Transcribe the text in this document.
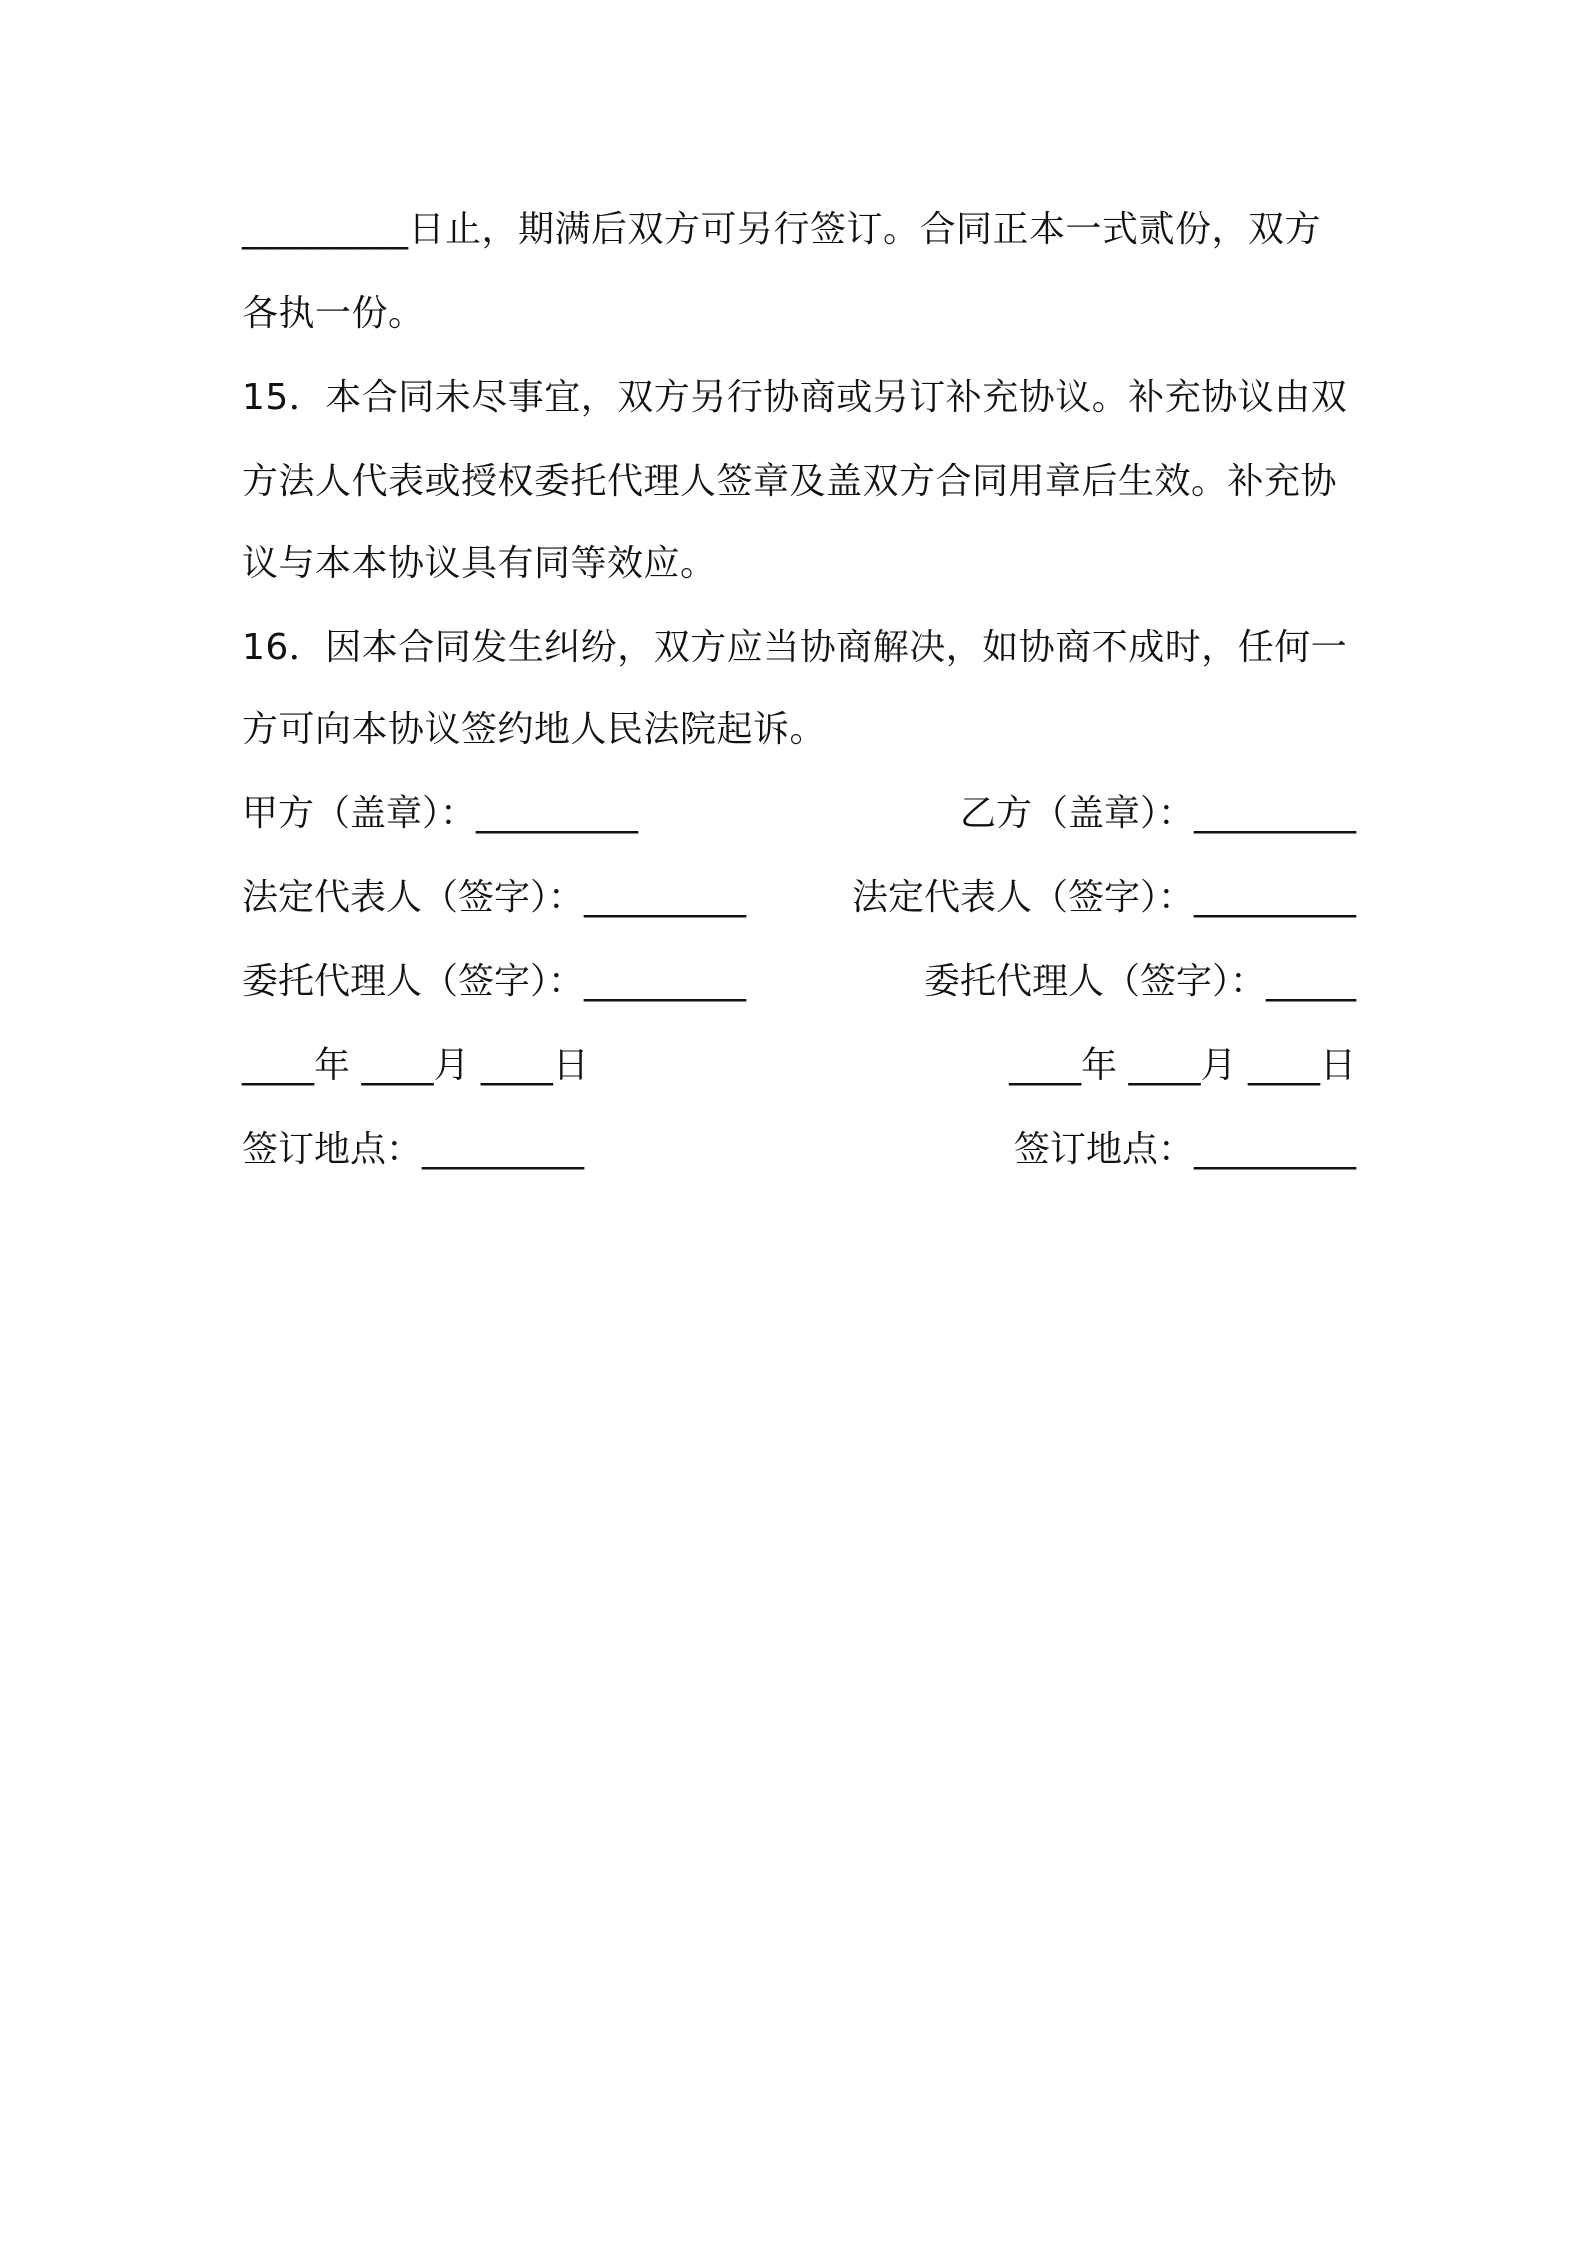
_________日止，期满后双方可另行签订。合同正本一式贰份，双方
各执一份。
15．本合同未尽事宜，双方另行协商或另订补充协议。补充协议由双
方法人代表或授权委托代理人签章及盖双方合同用章后生效。补充协
议与本本协议具有同等效应。
16．因本合同发生纠纷，双方应当协商解决，如协商不成时，任何一
方可向本协议签约地人民法院起诉。
甲方（盖章）：_________	乙方（盖章）：_________
法定代表人（签字）：_________	法定代表人（签字）：_________
委托代理人（签字）：_________	委托代理人（签字）：_____
____年 ____月 ____日	____年 ____月 ____日
签订地点：_________	签订地点：_________
